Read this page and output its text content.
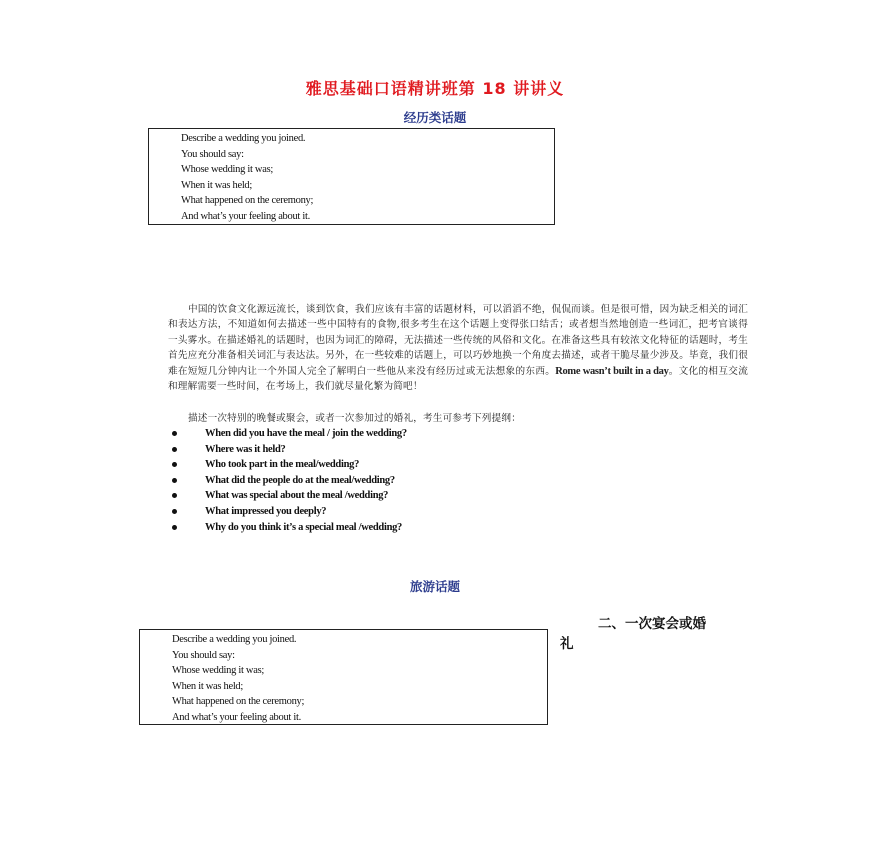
雅思基础口语精讲班第 18 讲讲义
经历类话题
Describe a wedding you joined.
You should say:
Whose wedding it was;
When it was held;
What happened on the ceremony;
And what’s your feeling about it.
中国的饮食文化源远流长，谈到饮食，我们应该有丰富的话题材料，可以滔滔不绝，侃侃而谈。但是很可惜，因为缺乏相关的词汇和表达方法，不知道如何去描述一些中国特有的食物,很多考生在这个话题上变得张口结舌；或者想当然地创造一些词汇，把考官谈得一头雾水。在描述婚礼的话题时，也因为词汇的障碍，无法描述一些传统的风俗和文化。在准备这些具有较浓文化特征的话题时，考生首先应充分准备相关词汇与表达法。另外，在一些较难的话题上，可以巧妙地换一个角度去描述，或者干脆尽量少涉及。毕竟，我们很难在短短几分钟内让一个外国人完全了解明白一些他从来没有经历过或无法想象的东西。Rome wasn’t built in a day。文化的相互交流和理解需要一些时间，在考场上，我们就尽量化繁为简吧！
描述一次特别的晚餐或聚会，或者一次参加过的婚礼，考生可参考下列提纲：
When did you have the meal / join the wedding?
Where was it held?
Who took part in the meal/wedding?
What did the people do at the meal/wedding?
What was special about the meal /wedding?
What impressed you deeply?
Why do you think it’s a special meal /wedding?
旅游话题
二、一次宴会或婚
礼
Describe a wedding you joined.
You should say:
Whose wedding it was;
When it was held;
What happened on the ceremony;
And what’s your feeling about it.
